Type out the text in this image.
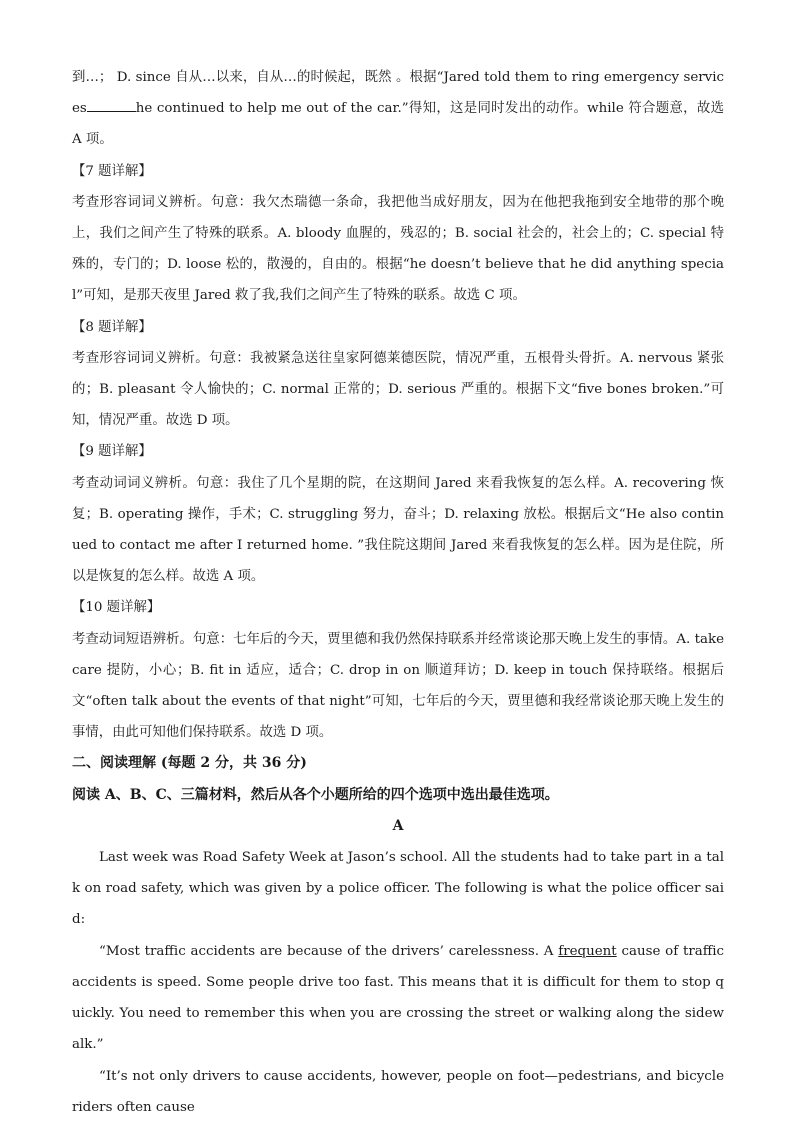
到…； D. since 自从…以来，自从…的时候起，既然 。根据“Jared told them to ring emergency services	he continued to help me out of the car.”得知，这是同时发出的动作。while 符合题意，故选 A 项。

【7 题详解】

考查形容词词义辨析。句意：我欠杰瑞德一条命，我把他当成好朋友，因为在他把我拖到安全地带的那个晚上，我们之间产生了特殊的联系。A. bloody 血腥的，残忍的；B. social 社会的，社会上的；C. special 特殊的，专门的；D. loose 松的，散漫的，自由的。根据“he doesn’t believe that he did anything special”可知，是那天夜里 Jared 救了我,我们之间产生了特殊的联系。故选 C 项。

【8 题详解】

考查形容词词义辨析。句意：我被紧急送往皇家阿德莱德医院，情况严重，五根骨头骨折。A. nervous 紧张的；B. pleasant 令人愉快的；C. normal 正常的；D. serious 严重的。根据下文“five bones broken.”可知，情况严重。故选 D 项。

【9 题详解】

考查动词词义辨析。句意：我住了几个星期的院，在这期间 Jared 来看我恢复的怎么样。A. recovering 恢复；B. operating 操作，手术；C. struggling 努力，奋斗；D. relaxing 放松。根据后文“He also continued to contact me after I returned home. ”我住院这期间 Jared 来看我恢复的怎么样。因为是住院，所以是恢复的怎么样。故选 A 项。

【10 题详解】

考查动词短语辨析。句意：七年后的今天，贾里德和我仍然保持联系并经常谈论那天晚上发生的事情。A. take care 提防，小心；B. fit in 适应，适合；C. drop in on 顺道拜访；D. keep in touch 保持联络。根据后文“often talk about the events of that night”可知，七年后的今天，贾里德和我经常谈论那天晚上发生的事情，由此可知他们保持联系。故选 D 项。

二、阅读理解 (每题 2 分，共 36 分)

阅读 A、B、C、三篇材料，然后从各个小题所给的四个选项中选出最佳选项。

A

Last week was Road Safety Week at Jason’s school. All the students had to take part in a talk on road safety, which was given by a police officer. The following is what the police officer said:

“Most traffic accidents are because of the drivers’ carelessness. A frequent cause of traffic accidents is speed. Some people drive too fast. This means that it is difficult for them to stop quickly. You need to remember this when you are crossing the street or walking along the sidewalk.”

“It’s not only drivers to cause accidents, however, people on foot—pedestrians, and bicycle riders often cause
